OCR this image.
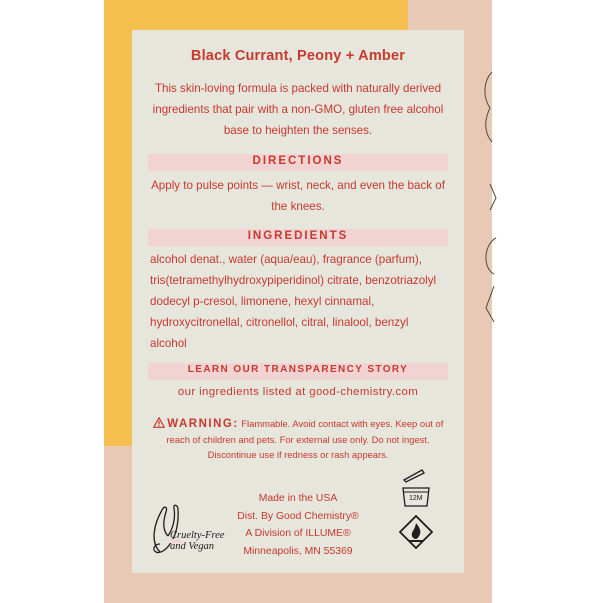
Black Currant, Peony + Amber
This skin-loving formula is packed with naturally derived ingredients that pair with a non-GMO, gluten free alcohol base to heighten the senses.
DIRECTIONS
Apply to pulse points — wrist, neck, and even the back of the knees.
INGREDIENTS
alcohol denat., water (aqua/eau), fragrance (parfum), tris(tetramethylhydroxypiperidinol) citrate, benzotriazolyl dodecyl p-cresol, limonene, hexyl cinnamal, hydroxycitronellal, citronellol, citral, linalool, benzyl alcohol
LEARN OUR TRANSPARENCY STORY
our ingredients listed at good-chemistry.com
WARNING: Flammable. Avoid contact with eyes. Keep out of reach of children and pets. For external use only. Do not ingest. Discontinue use if redness or rash appears.
Cruelty-Free
and Vegan
Made in the USA
Dist. By Good Chemistry®
A Division of ILLUME®
Minneapolis, MN 55369
12M
